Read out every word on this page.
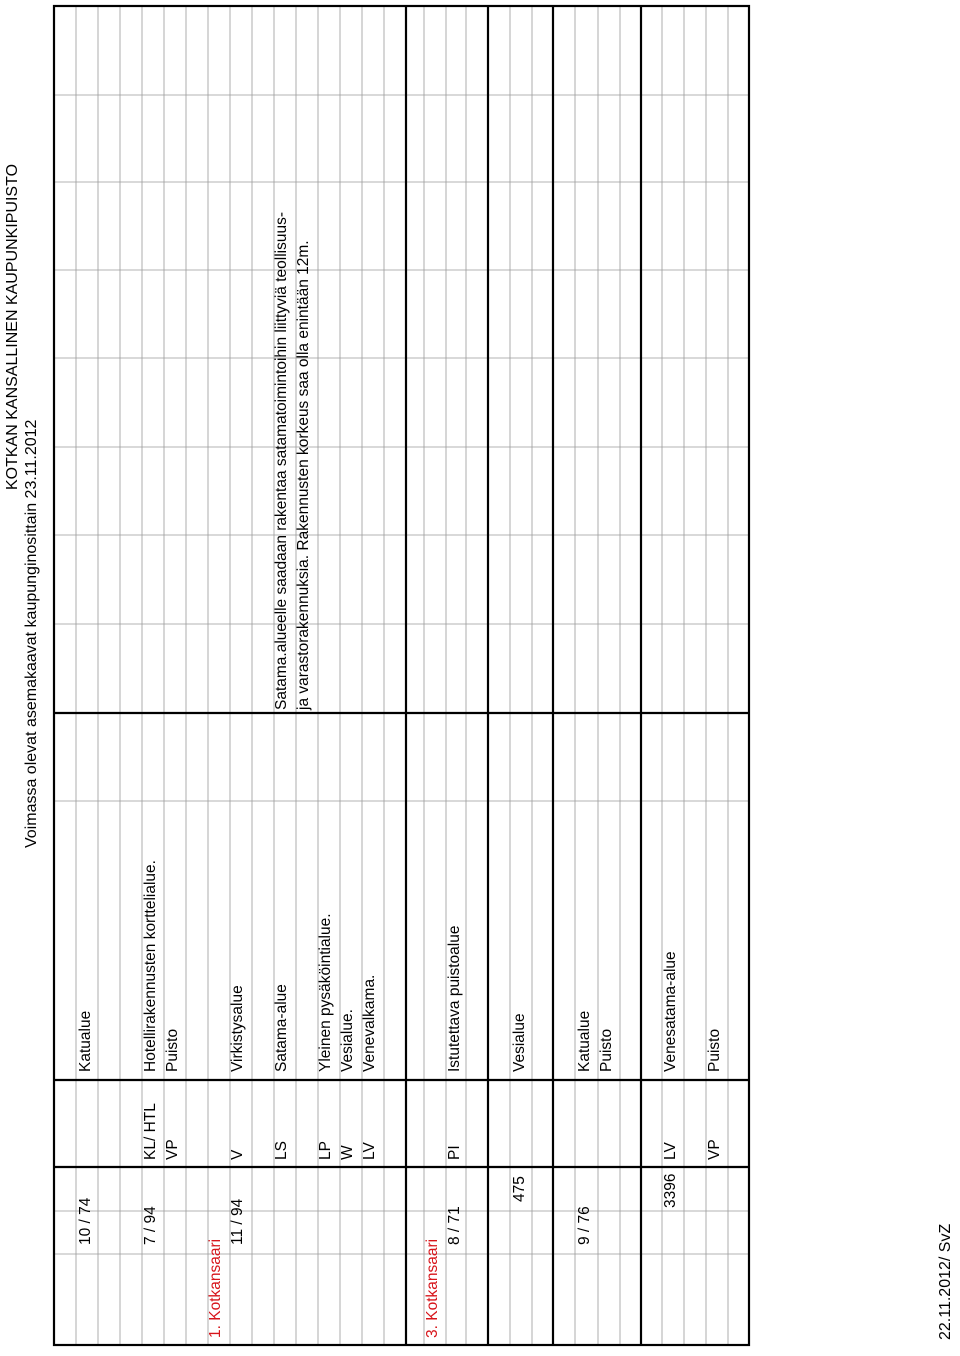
KOTKAN KANSALLINEN KAUPUNKIPUISTO
Voimassa olevat asemakaavat kaupunginosittain 23.11.2012
10 / 74
Katualue
7 / 94
KL/ HTL
Hotellirakennusten korttelialue.
VP
Puisto
1. Kotkansaari
11 / 94
V
Virkistysalue
LS
Satama-alue
Satama.alueelle saadaan rakentaa satamatoimintoihin liittyviä teollisuus- ja varastorakennuksia. Rakennusten korkeus saa olla enintään 12m.
LP
Yleinen pysäköintialue.
W
Vesialue.
LV
Venevalkama.
3. Kotkansaari
8 / 71
PI
Istutettava puistoalue
475
Vesialue
9 / 76
Katualue Puisto
3396
LV
Venesatama-alue
VP
Puisto
22.11.2012/ SvZ
